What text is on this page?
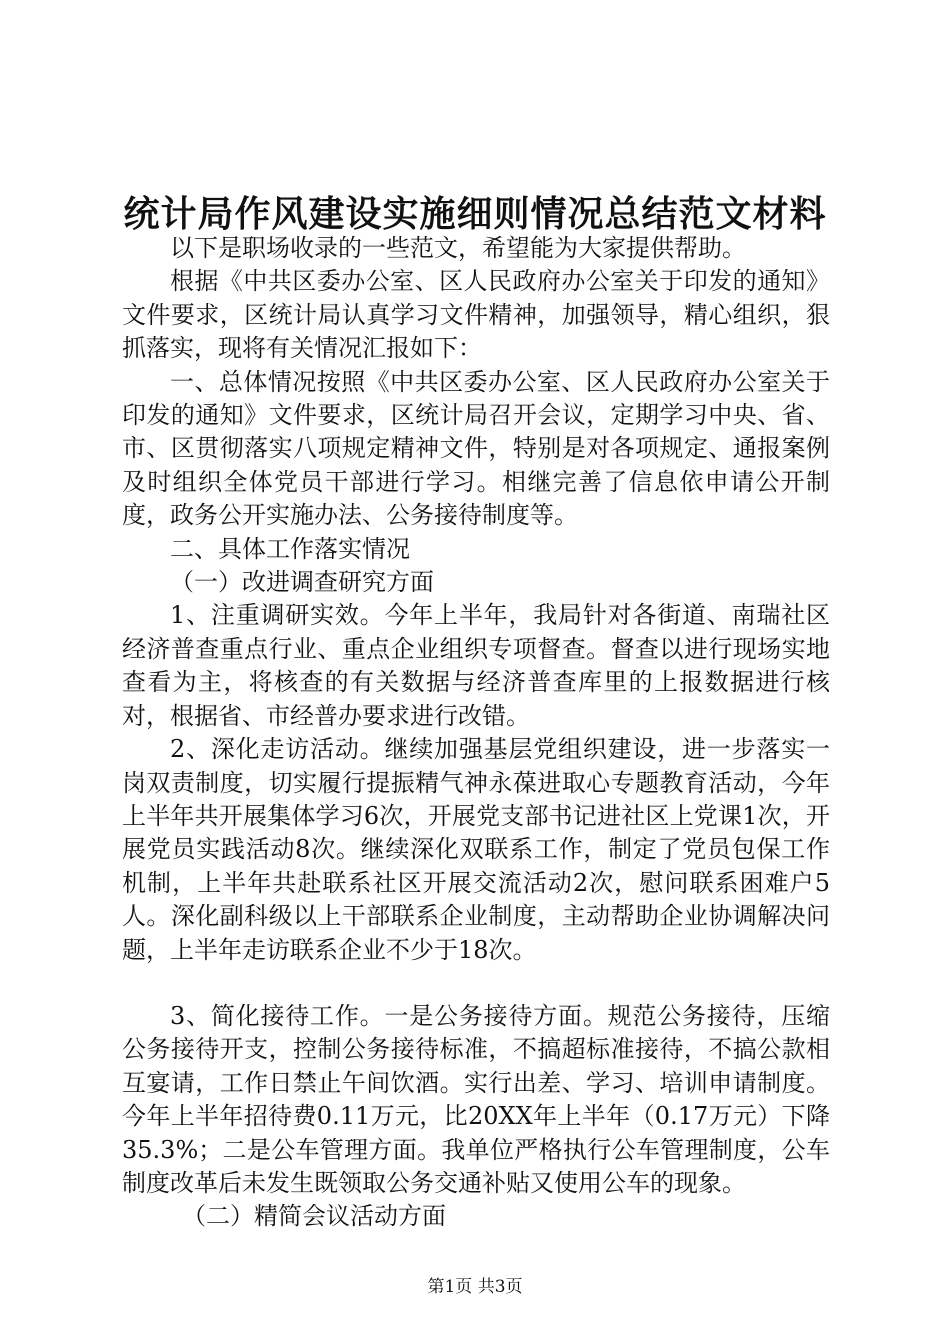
统计局作风建设实施细则情况总结范文材料

以下是职场收录的一些范文，希望能为大家提供帮助。

根据《中共区委办公室、区人民政府办公室关于印发的通知》文件要求，区统计局认真学习文件精神，加强领导，精心组织，狠抓落实，现将有关情况汇报如下：

一、总体情况按照《中共区委办公室、区人民政府办公室关于印发的通知》文件要求，区统计局召开会议，定期学习中央、省、市、区贯彻落实八项规定精神文件，特别是对各项规定、通报案例及时组织全体党员干部进行学习。相继完善了信息依申请公开制度，政务公开实施办法、公务接待制度等。

二、具体工作落实情况

（一）改进调查研究方面

1、注重调研实效。今年上半年，我局针对各街道、南瑞社区经济普查重点行业、重点企业组织专项督查。督查以进行现场实地查看为主，将核查的有关数据与经济普查库里的上报数据进行核对，根据省、市经普办要求进行改错。

2、深化走访活动。继续加强基层党组织建设，进一步落实一岗双责制度，切实履行提振精气神永葆进取心专题教育活动，今年上半年共开展集体学习6次，开展党支部书记进社区上党课1次，开展党员实践活动8次。继续深化双联系工作，制定了党员包保工作机制，上半年共赴联系社区开展交流活动2次，慰问联系困难户5人。深化副科级以上干部联系企业制度，主动帮助企业协调解决问题，上半年走访联系企业不少于18次。

3、简化接待工作。一是公务接待方面。规范公务接待，压缩公务接待开支，控制公务接待标准，不搞超标准接待，不搞公款相互宴请，工作日禁止午间饮酒。实行出差、学习、培训申请制度。今年上半年招待费0.11万元，比20XX年上半年（0.17万元）下降35.3%；二是公车管理方面。我单位严格执行公车管理制度，公车制度改革后未发生既领取公务交通补贴又使用公车的现象。

（二）精简会议活动方面

第1页 共3页
